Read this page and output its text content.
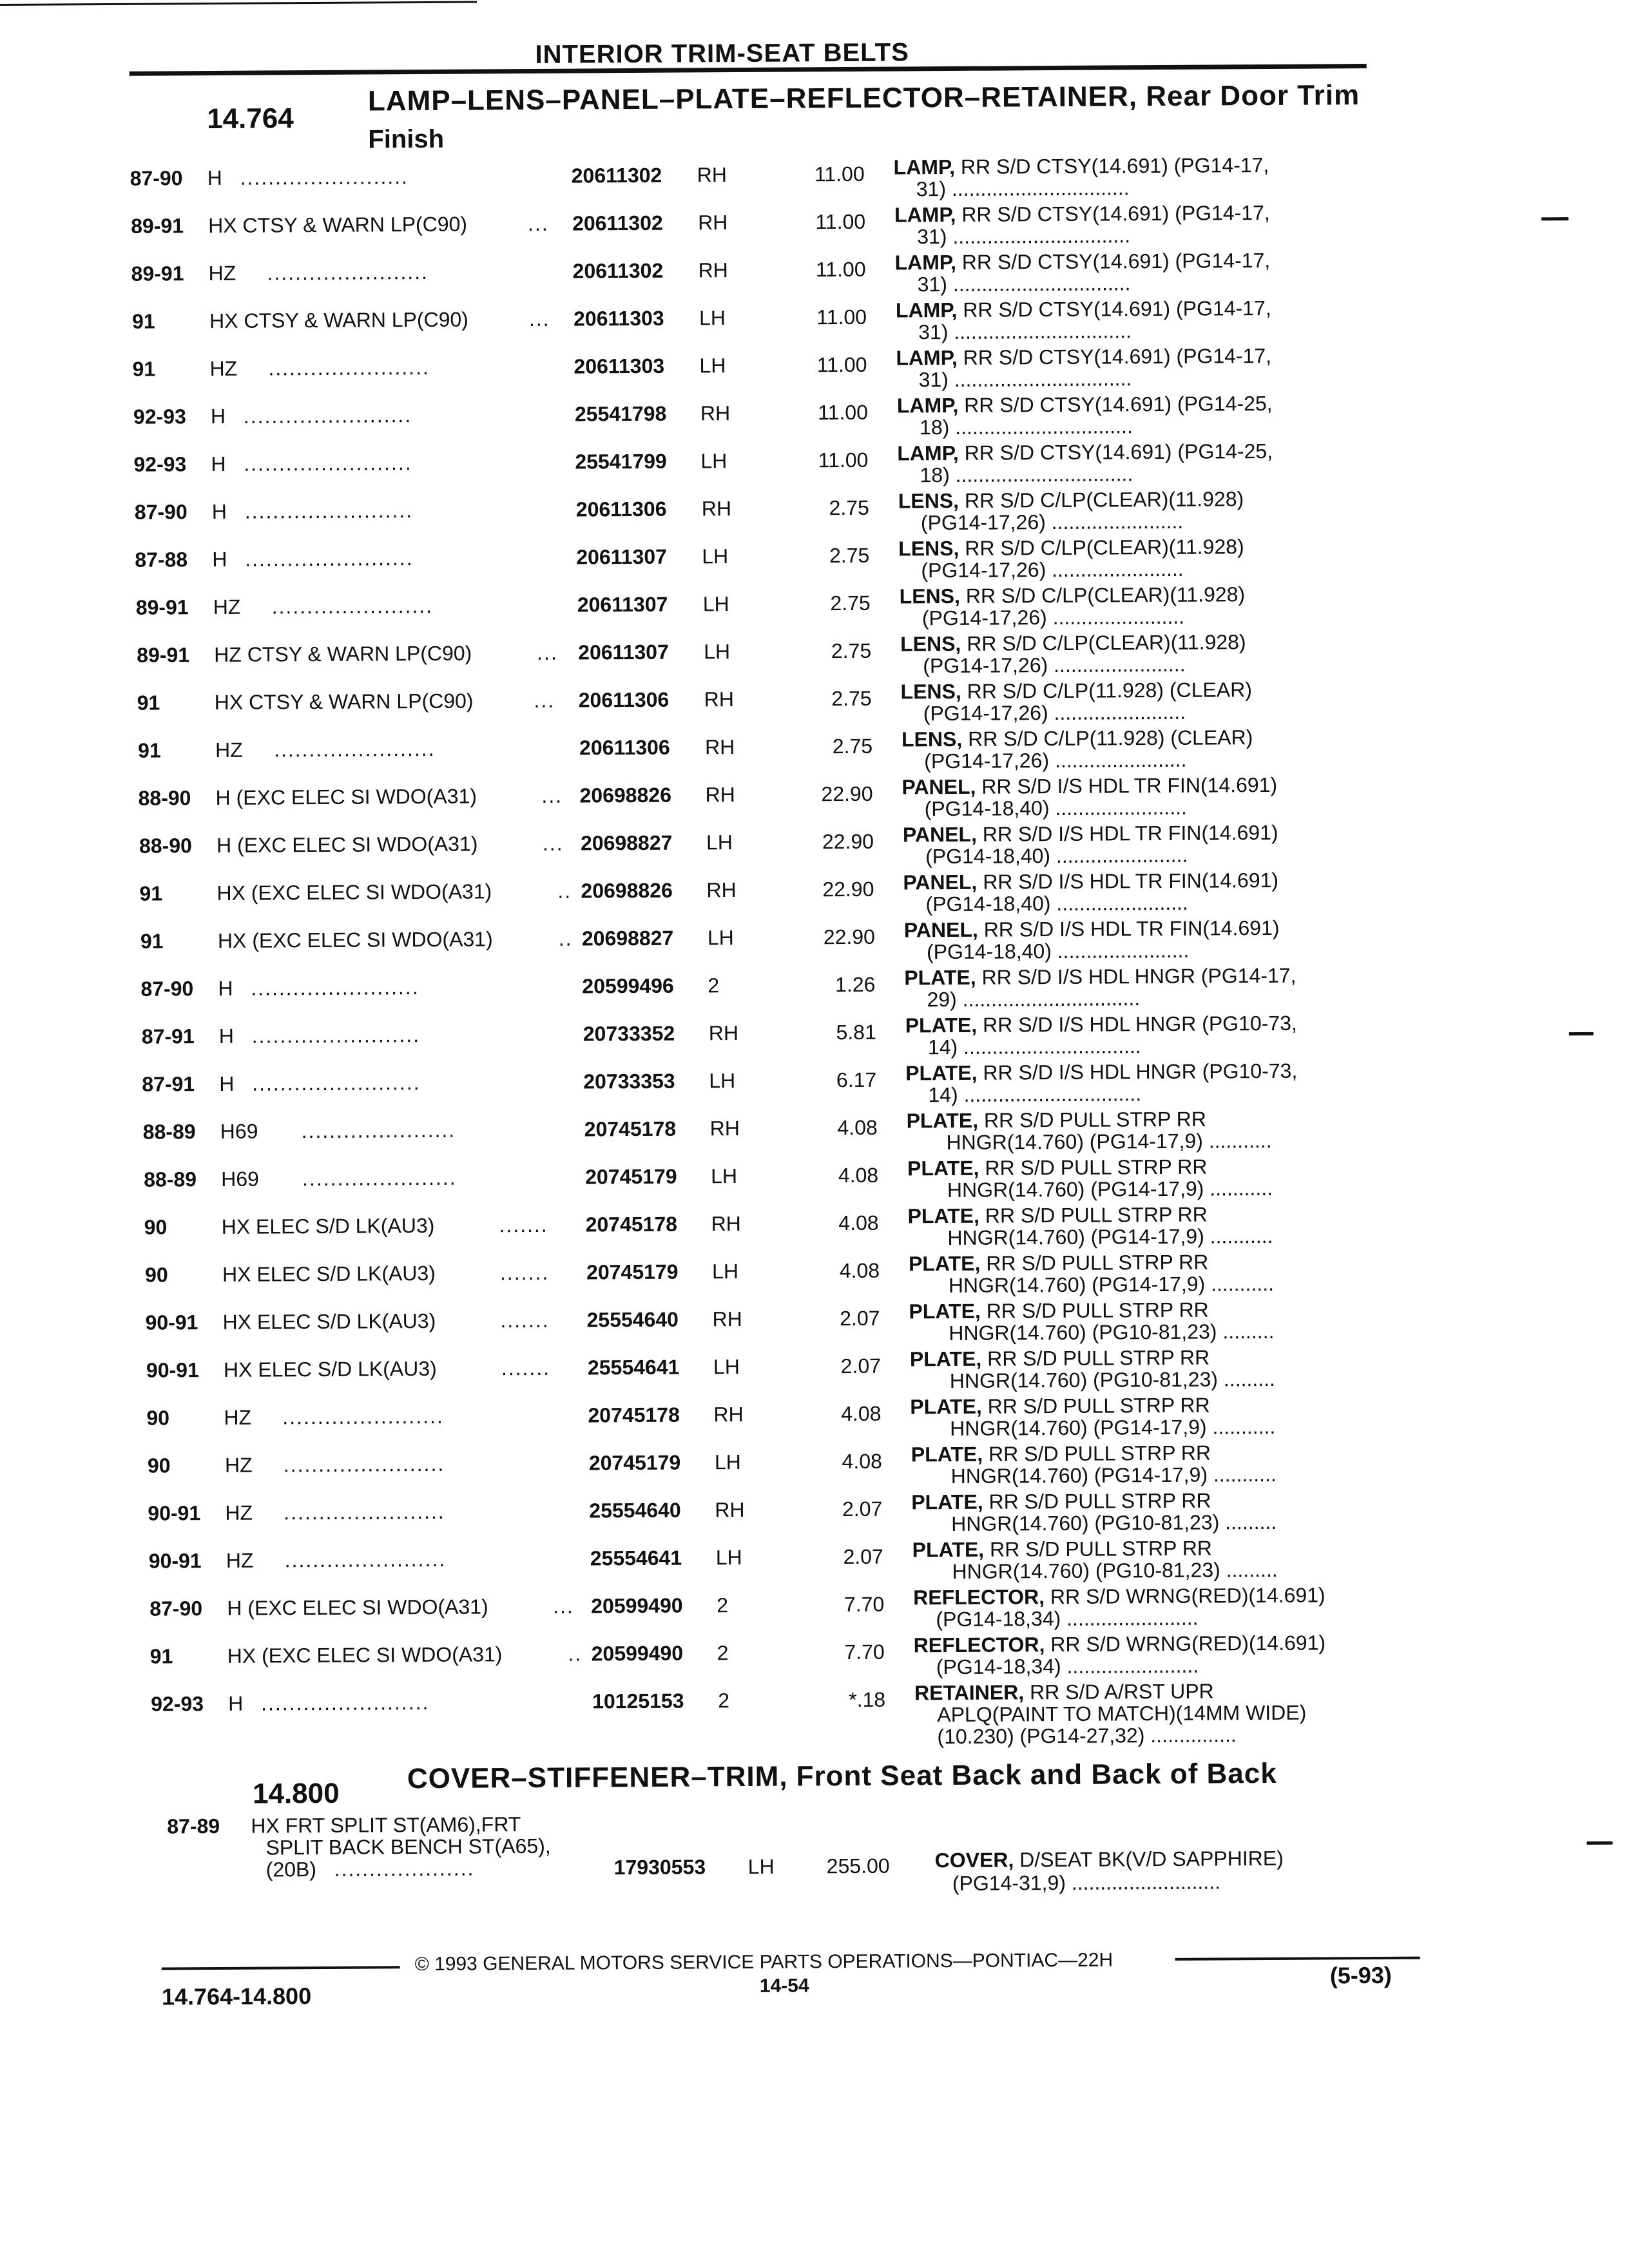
INTERIOR TRIM-SEAT BELTS
14.764
LAMP–LENS–PANEL–PLATE–REFLECTOR–RETAINER, Rear Door Trim
Finish
87-90 H ........................	20611302 RH	11.00 LAMP, RR S/D CTSY(14.691) (PG14-17,
31) ...............................
89-91 HX CTSY & WARN LP(C90)	... 20611302 RH	11.00 LAMP, RR S/D CTSY(14.691) (PG14-17,
31) ...............................
89-91 HZ .......................	20611302 RH	11.00 LAMP, RR S/D CTSY(14.691) (PG14-17,
31) ...............................
91	HX CTSY & WARN LP(C90)	... 20611303 LH	11.00 LAMP, RR S/D CTSY(14.691) (PG14-17,
31) ...............................
91	HZ .......................	20611303 LH	11.00 LAMP, RR S/D CTSY(14.691) (PG14-17,
31) ...............................
92-93 H ........................	25541798 RH	11.00 LAMP, RR S/D CTSY(14.691) (PG14-25,
18) ...............................
92-93 H ........................	25541799 LH	11.00 LAMP, RR S/D CTSY(14.691) (PG14-25,
18) ...............................
87-90 H ........................	20611306 RH	2.75 LENS, RR S/D C/LP(CLEAR)(11.928)
(PG14-17,26) .......................
87-88 H ........................	20611307 LH	2.75 LENS, RR S/D C/LP(CLEAR)(11.928)
(PG14-17,26) .......................
89-91 HZ .......................	20611307 LH	2.75 LENS, RR S/D C/LP(CLEAR)(11.928)
(PG14-17,26) .......................
89-91 HZ CTSY & WARN LP(C90)	... 20611307 LH	2.75 LENS, RR S/D C/LP(CLEAR)(11.928)
(PG14-17,26) .......................
91	HX CTSY & WARN LP(C90)	... 20611306 RH	2.75 LENS, RR S/D C/LP(11.928) (CLEAR)
(PG14-17,26) .......................
91	HZ .......................	20611306 RH	2.75 LENS, RR S/D C/LP(11.928) (CLEAR)
(PG14-17,26) .......................
88-90 H (EXC ELEC SI WDO(A31)	... 20698826 RH	22.90 PANEL, RR S/D I/S HDL TR FIN(14.691)
(PG14-18,40) .......................
88-90 H (EXC ELEC SI WDO(A31)	... 20698827 LH	22.90 PANEL, RR S/D I/S HDL TR FIN(14.691)
(PG14-18,40) .......................
91	HX (EXC ELEC SI WDO(A31)	.. 20698826 RH	22.90 PANEL, RR S/D I/S HDL TR FIN(14.691)
(PG14-18,40) .......................
91	HX (EXC ELEC SI WDO(A31)	.. 20698827 LH	22.90 PANEL, RR S/D I/S HDL TR FIN(14.691)
(PG14-18,40) .......................
87-90 H ........................	20599496 2	1.26 PLATE, RR S/D I/S HDL HNGR (PG14-17,
29) ...............................
87-91 H ........................	20733352 RH	5.81 PLATE, RR S/D I/S HDL HNGR (PG10-73,
14) ...............................
87-91 H ........................	20733353 LH	6.17 PLATE, RR S/D I/S HDL HNGR (PG10-73,
14) ...............................
88-89 H69 ......................	20745178 RH	4.08 PLATE, RR S/D PULL STRP RR
HNGR(14.760) (PG14-17,9) ...........
88-89 H69 ......................	20745179 LH	4.08 PLATE, RR S/D PULL STRP RR
HNGR(14.760) (PG14-17,9) ...........
90	HX ELEC S/D LK(AU3)	....... 20745178 RH	4.08 PLATE, RR S/D PULL STRP RR
HNGR(14.760) (PG14-17,9) ...........
90	HX ELEC S/D LK(AU3)	....... 20745179 LH	4.08 PLATE, RR S/D PULL STRP RR
HNGR(14.760) (PG14-17,9) ...........
90-91 HX ELEC S/D LK(AU3)	....... 25554640 RH	2.07 PLATE, RR S/D PULL STRP RR
HNGR(14.760) (PG10-81,23) .........
90-91 HX ELEC S/D LK(AU3)	....... 25554641 LH	2.07 PLATE, RR S/D PULL STRP RR
HNGR(14.760) (PG10-81,23) .........
90	HZ .......................	20745178 RH	4.08 PLATE, RR S/D PULL STRP RR
HNGR(14.760) (PG14-17,9) ...........
90	HZ .......................	20745179 LH	4.08 PLATE, RR S/D PULL STRP RR
HNGR(14.760) (PG14-17,9) ...........
90-91 HZ .......................	25554640 RH	2.07 PLATE, RR S/D PULL STRP RR
HNGR(14.760) (PG10-81,23) .........
90-91 HZ .......................	25554641 LH	2.07 PLATE, RR S/D PULL STRP RR
HNGR(14.760) (PG10-81,23) .........
87-90 H (EXC ELEC SI WDO(A31)	... 20599490 2	7.70 REFLECTOR, RR S/D WRNG(RED)(14.691)
(PG14-18,34) .......................
91	HX (EXC ELEC SI WDO(A31)	.. 20599490 2	7.70 REFLECTOR, RR S/D WRNG(RED)(14.691)
(PG14-18,34) .......................
92-93 H ........................	10125153 2	*.18 RETAINER, RR S/D A/RST UPR
APLQ(PAINT TO MATCH)(14MM WIDE)
(10.230) (PG14-27,32) ...............
14.800 COVER–STIFFENER–TRIM, Front Seat Back and Back of Back
87-89 HX FRT SPLIT ST(AM6),FRT
SPLIT BACK BENCH ST(A65),
(20B) ....................	17930553 LH	255.00 COVER, D/SEAT BK(V/D SAPPHIRE)
(PG14-31,9) ..........................
© 1993 GENERAL MOTORS SERVICE PARTS OPERATIONS—PONTIAC—22H
14.764-14.800	14-54	(5-93)
